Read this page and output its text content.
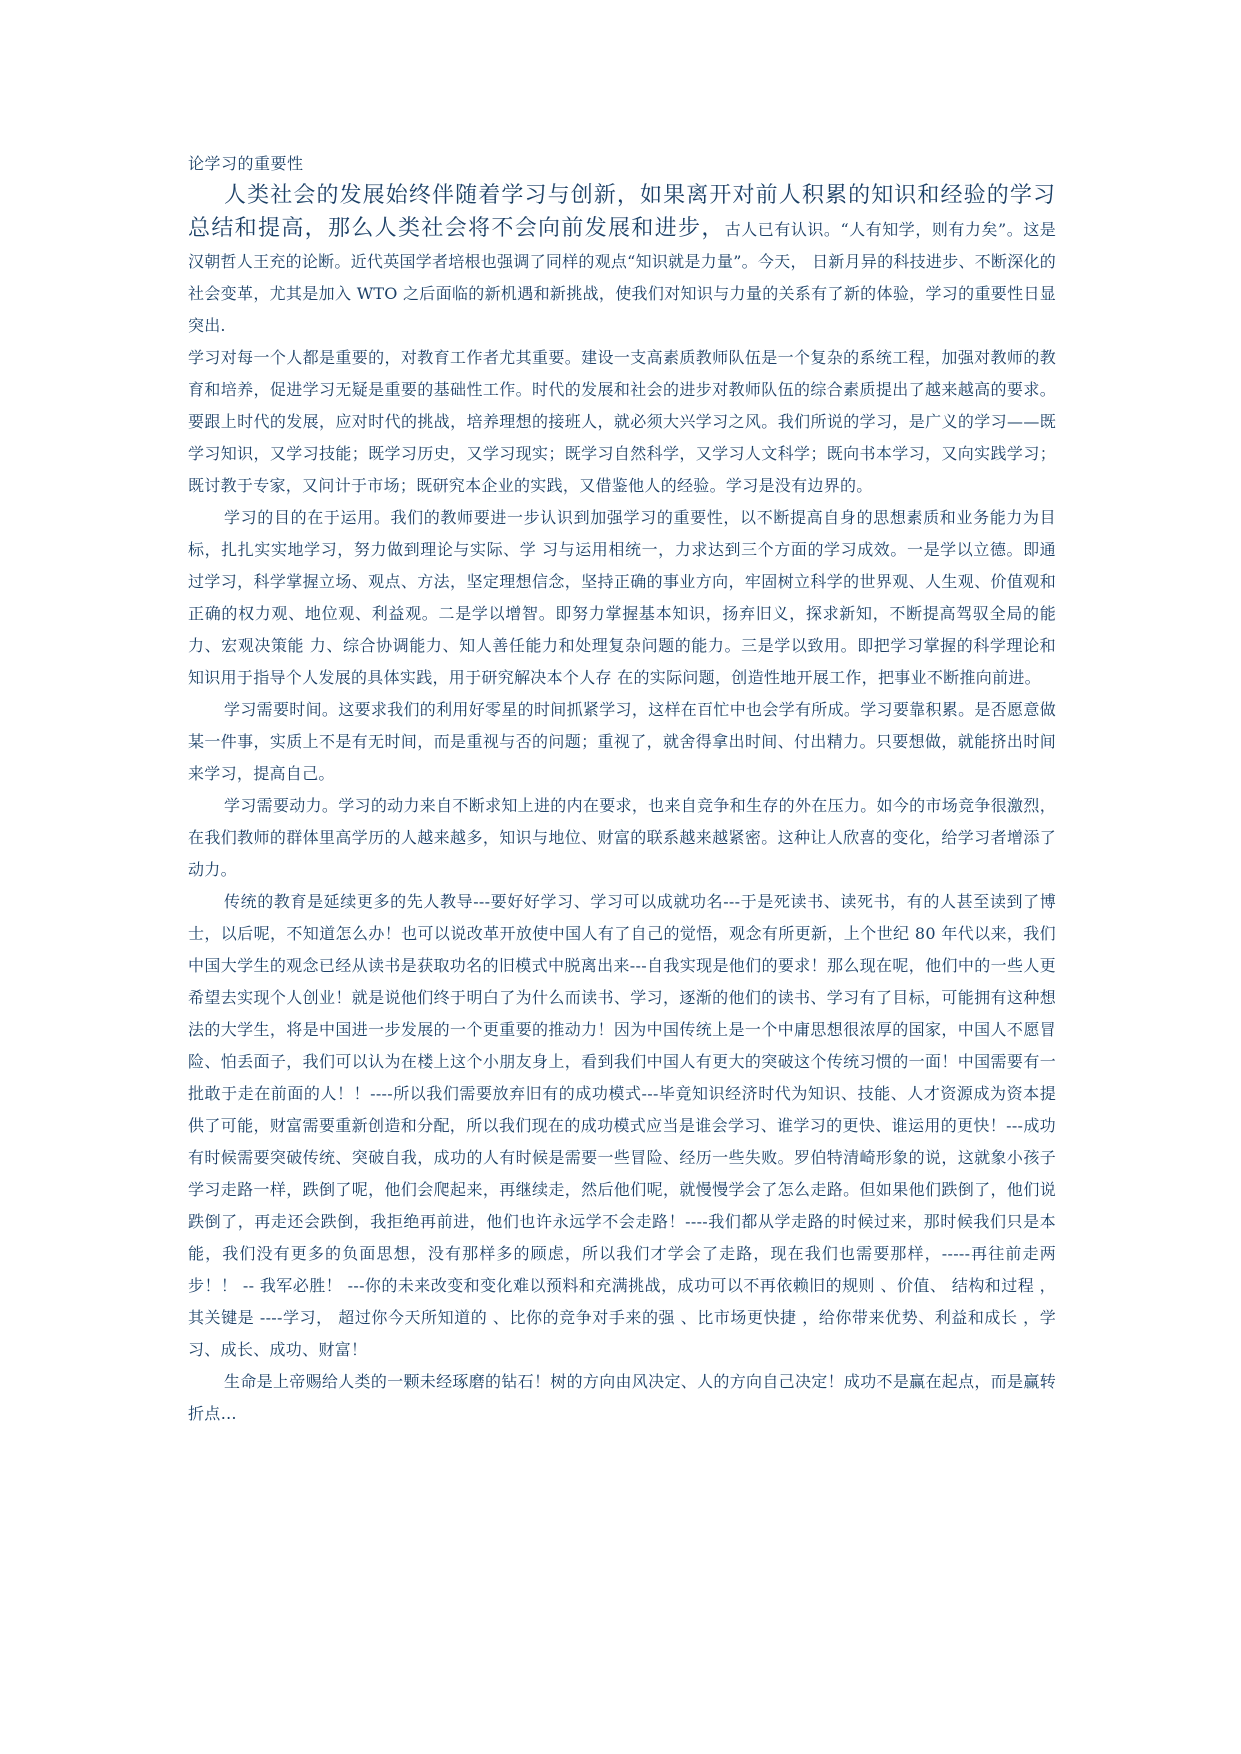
论学习的重要性

人类社会的发展始终伴随着学习与创新，如果离开对前人积累的知识和经验的学习总结和提高，那么人类社会将不会向前发展和进步，古人已有认识。“人有知学，则有力矣”。这是汉朝哲人王充的论断。近代英国学者培根也强调了同样的观点“知识就是力量”。今天， 日新月异的科技进步、不断深化的社会变革，尤其是加入 WTO 之后面临的新机遇和新挑战，使我们对知识与力量的关系有了新的体验，学习的重要性日显突出.

学习对每一个人都是重要的，对教育工作者尤其重要。建设一支高素质教师队伍是一个复杂的系统工程，加强对教师的教育和培养，促进学习无疑是重要的基础性工作。时代的发展和社会的进步对教师队伍的综合素质提出了越来越高的要求。要跟上时代的发展，应对时代的挑战，培养理想的接班人，就必须大兴学习之风。我们所说的学习，是广义的学习——既学习知识，又学习技能；既学习历史，又学习现实；既学习自然科学，又学习人文科学；既向书本学习，又向实践学习；既讨教于专家，又问计于市场；既研究本企业的实践，又借鉴他人的经验。学习是没有边界的。

学习的目的在于运用。我们的教师要进一步认识到加强学习的重要性，以不断提高自身的思想素质和业务能力为目标，扎扎实实地学习，努力做到理论与实际、学 习与运用相统一，力求达到三个方面的学习成效。一是学以立德。即通过学习，科学掌握立场、观点、方法，坚定理想信念，坚持正确的事业方向，牢固树立科学的世界观、人生观、价值观和正确的权力观、地位观、利益观。二是学以增智。即努力掌握基本知识，扬弃旧义，探求新知，不断提高驾驭全局的能力、宏观决策能 力、综合协调能力、知人善任能力和处理复杂问题的能力。三是学以致用。即把学习掌握的科学理论和知识用于指导个人发展的具体实践，用于研究解决本个人存 在的实际问题，创造性地开展工作，把事业不断推向前进。

学习需要时间。这要求我们的利用好零星的时间抓紧学习，这样在百忙中也会学有所成。学习要靠积累。是否愿意做某一件事，实质上不是有无时间，而是重视与否的问题；重视了，就舍得拿出时间、付出精力。只要想做，就能挤出时间来学习，提高自己。

学习需要动力。学习的动力来自不断求知上进的内在要求，也来自竞争和生存的外在压力。如今的市场竞争很激烈，在我们教师的群体里高学历的人越来越多，知识与地位、财富的联系越来越紧密。这种让人欣喜的变化，给学习者增添了动力。

传统的教育是延续更多的先人教导---要好好学习、学习可以成就功名---于是死读书、读死书，有的人甚至读到了博士，以后呢，不知道怎么办！也可以说改革开放使中国人有了自己的觉悟，观念有所更新，上个世纪 80 年代以来，我们中国大学生的观念已经从读书是获取功名的旧模式中脱离出来---自我实现是他们的要求！那么现在呢，他们中的一些人更希望去实现个人创业！就是说他们终于明白了为什么而读书、学习，逐渐的他们的读书、学习有了目标，可能拥有这种想法的大学生，将是中国进一步发展的一个更重要的推动力！因为中国传统上是一个中庸思想很浓厚的国家，中国人不愿冒险、怕丢面子，我们可以认为在楼上这个小朋友身上，看到我们中国人有更大的突破这个传统习惯的一面！中国需要有一批敢于走在前面的人！！----所以我们需要放弃旧有的成功模式---毕竟知识经济时代为知识、技能、人才资源成为资本提供了可能，财富需要重新创造和分配，所以我们现在的成功模式应当是谁会学习、谁学习的更快、谁运用的更快！---成功有时候需要突破传统、突破自我，成功的人有时候是需要一些冒险、经历一些失败。罗伯特清崎形象的说，这就象小孩子学习走路一样，跌倒了呢，他们会爬起来，再继续走，然后他们呢，就慢慢学会了怎么走路。但如果他们跌倒了，他们说跌倒了，再走还会跌倒，我拒绝再前进，他们也许永远学不会走路！----我们都从学走路的时候过来，那时候我们只是本能，我们没有更多的负面思想，没有那样多的顾虑，所以我们才学会了走路，现在我们也需要那样，-----再往前走两步！！ -- 我军必胜！ ---你的未来改变和变化难以预料和充满挑战，成功可以不再依赖旧的规则 、价值、 结构和过程 ，其关键是 ----学习， 超过你今天所知道的 、比你的竞争对手来的强 、比市场更快捷 ，给你带来优势、利益和成长 ，学习、成长、成功、财富！

生命是上帝赐给人类的一颗未经琢磨的钻石！树的方向由风决定、人的方向自己决定！成功不是赢在起点，而是赢转折点…
